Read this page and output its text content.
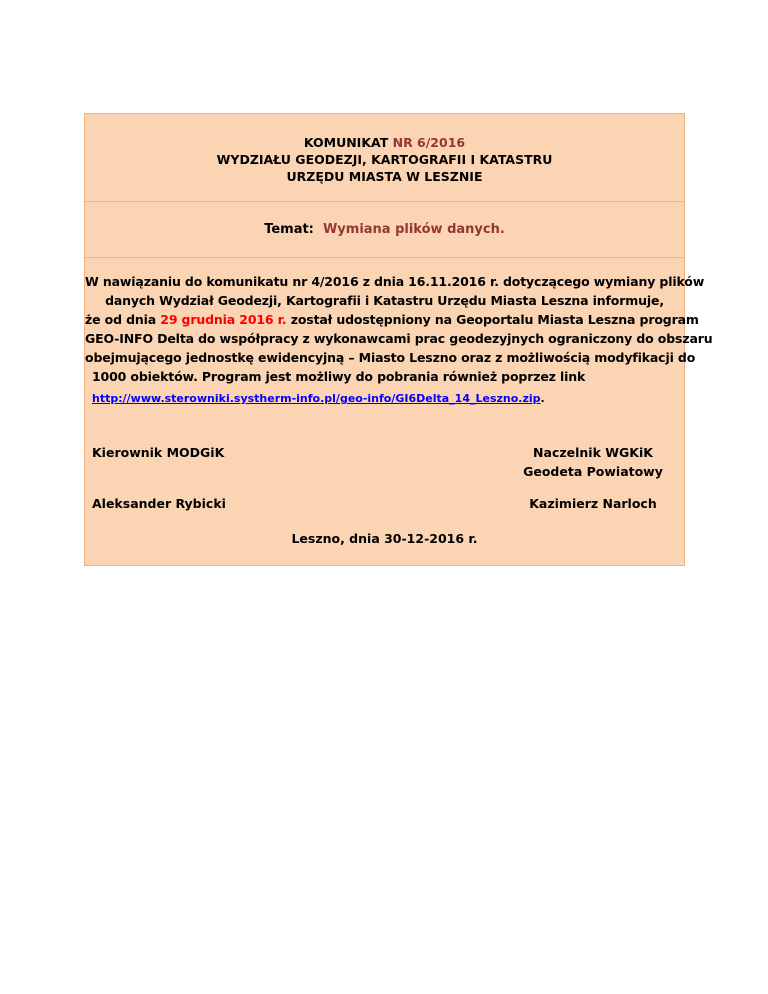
KOMUNIKAT NR 6/2016
WYDZIAŁU GEODEZJI, KARTOGRAFII I KATASTRU
URZĘDU MIASTA W LESZNIE
Temat: Wymiana plików danych.
W nawiązaniu do komunikatu nr 4/2016 z dnia 16.11.2016 r. dotyczącego wymiany plików
danych Wydział Geodezji, Kartografii i Katastru Urzędu Miasta Leszna informuje,
że od dnia 29 grudnia 2016 r. został udostępniony na Geoportalu Miasta Leszna program
GEO-INFO Delta do współpracy z wykonawcami prac geodezyjnych ograniczony do obszaru
obejmującego jednostkę ewidencyjną – Miasto Leszno oraz z możliwością modyfikacji do
1000 obiektów. Program jest możliwy do pobrania również poprzez link
http://www.sterowniki.systherm-info.pl/geo-info/GI6Delta_14_Leszno.zip.
Kierownik MODGiK	Naczelnik WGKiK
Geodeta Powiatowy
Aleksander Rybicki	Kazimierz Narloch
Leszno, dnia 30-12-2016 r.
